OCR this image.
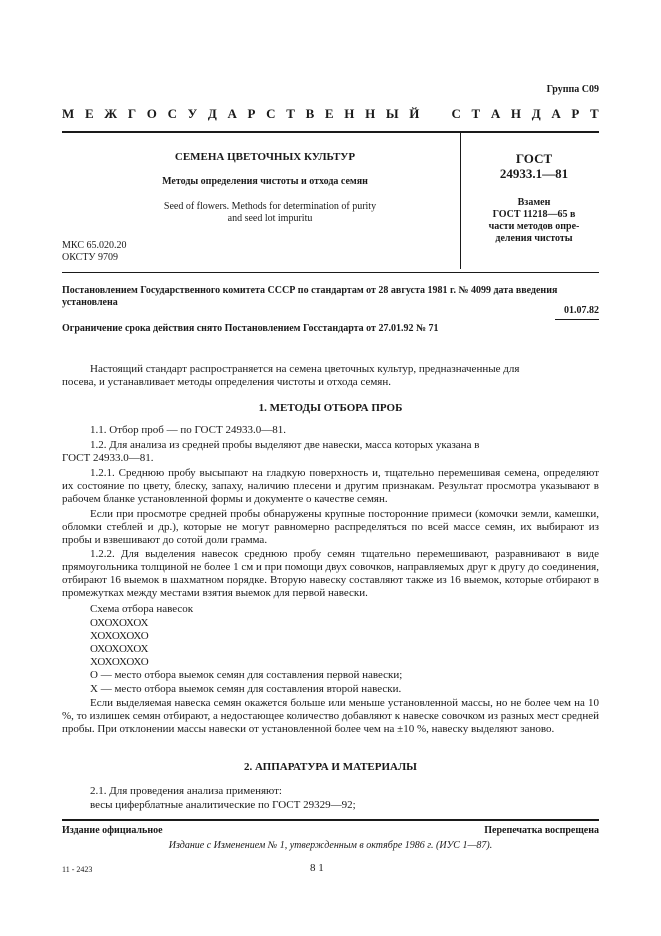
Группа С09
М Е Ж Г О С У Д А Р С Т В Е Н Н Ы Й С Т А Н Д А Р Т
СЕМЕНА ЦВЕТОЧНЫХ КУЛЬТУР
Методы определения чистоты и отхода семян
Seed of flowers. Methods for determination of purity
and seed lot impuritu
ГОСТ
24933.1—81
Взамен
ГОСТ 11218—65 в
части методов опре-
деления чистоты
МКС 65.020.20
ОКСТУ 9709
Постановлением Государственного комитета СССР по стандартам от 28 августа 1981 г. № 4099 дата введения
установлена
01.07.82
Ограничение срока действия снято Постановлением Госстандарта от 27.01.92 № 71
Настоящий стандарт распространяется на семена цветочных культур, предназначенные для
посева, и устанавливает методы определения чистоты и отхода семян.
1. МЕТОДЫ ОТБОРА ПРОБ
1.1. Отбор проб — по ГОСТ 24933.0—81.
1.2. Для анализа из средней пробы выделяют две навески, масса которых указана в
ГОСТ 24933.0—81.
1.2.1. Среднюю пробу высыпают на гладкую поверхность и, тщательно перемешивая семена, определяют их состояние по цвету, блеску, запаху, наличию плесени и другим признакам. Результат просмотра указывают в рабочем бланке установленной формы и документе о качестве семян.
Если при просмотре средней пробы обнаружены крупные посторонние примеси (комочки земли, камешки, обломки стеблей и др.), которые не могут равномерно распределяться по всей массе семян, их выбирают из пробы и взвешивают до сотой доли грамма.
1.2.2. Для выделения навесок среднюю пробу семян тщательно перемешивают, разравнивают в виде прямоугольника толщиной не более 1 см и при помощи двух совочков, направляемых друг к другу до соединения, отбирают 16 выемок в шахматном порядке. Вторую навеску составляют также из 16 выемок, которые отбирают в промежутках между местами взятия выемок для первой навески.
Схема отбора навесок
ОХОХОХОХ
ХОХОХОХО
ОХОХОХОХ
ХОХОХОХО
О — место отбора выемок семян для составления первой навески;
Х — место отбора выемок семян для составления второй навески.
Если выделяемая навеска семян окажется больше или меньше установленной массы, но не более чем на 10 %, то излишек семян отбирают, а недостающее количество добавляют к навеске совочком из разных мест средней пробы. При отклонении массы навески от установленной более чем на ±10 %, навеску выделяют заново.
2. АППАРАТУРА И МАТЕРИАЛЫ
2.1. Для проведения анализа применяют:
весы циферблатные аналитические по ГОСТ 29329—92;
Издание официальное	Перепечатка воспрещена
Издание с Изменением № 1, утвержденным в октябре 1986 г. (ИУС 1—87).
11 - 2423	8 1
